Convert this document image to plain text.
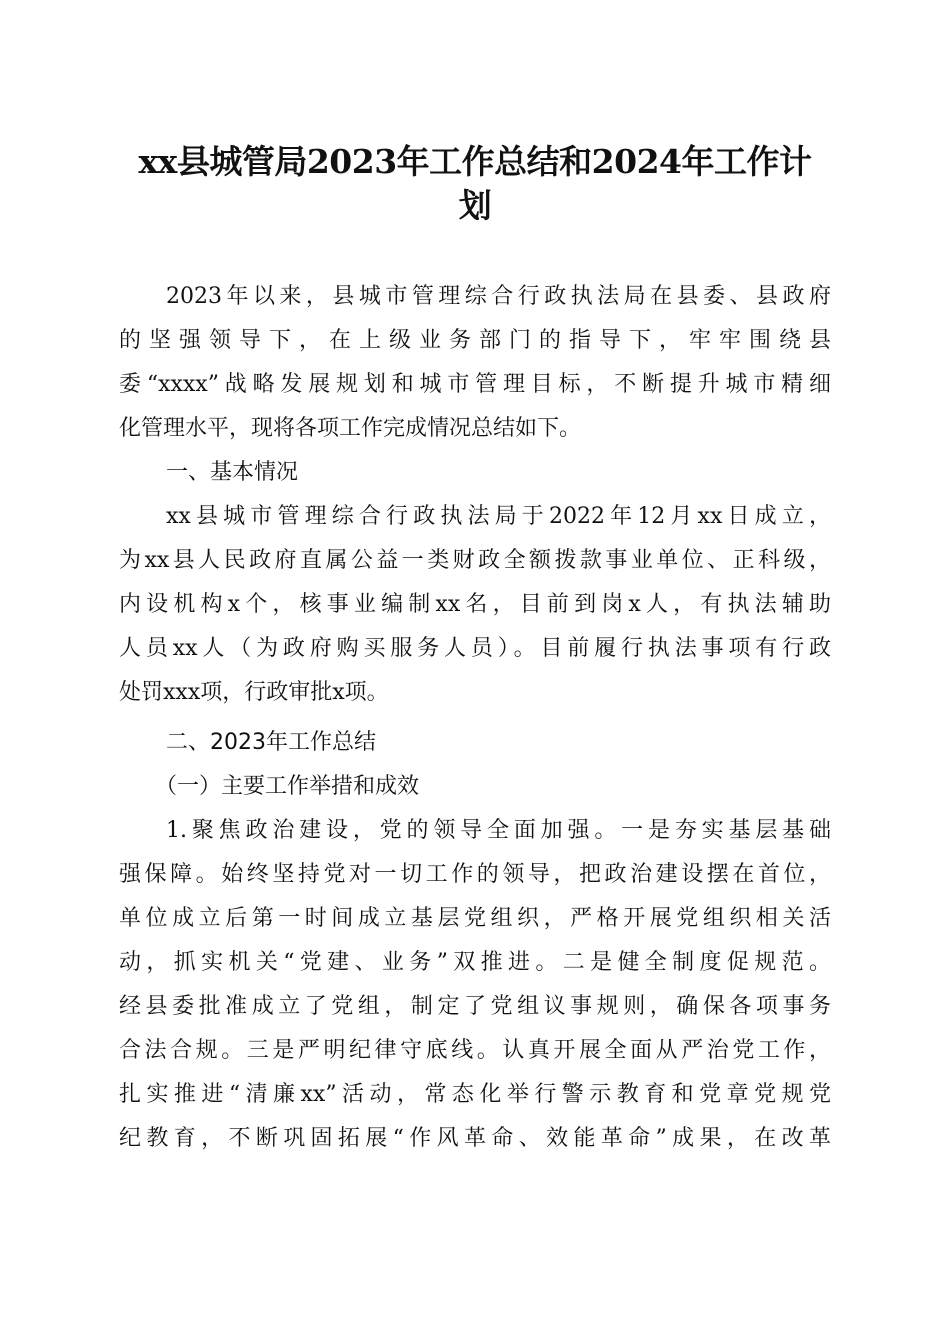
xx县城管局2023年工作总结和2024年工作计
划
2023年以来，县城市管理综合行政执法局在县委、县政府
的坚强领导下，在上级业务部门的指导下，牢牢围绕县
委“xxxx”战略发展规划和城市管理目标，不断提升城市精细
化管理水平，现将各项工作完成情况总结如下。
一、基本情况
xx县城市管理综合行政执法局于2022年12月xx日成立，
为xx县人民政府直属公益一类财政全额拨款事业单位、正科级，
内设机构x个，核事业编制xx名，目前到岗x人，有执法辅助
人员xx人（为政府购买服务人员）。目前履行执法事项有行政
处罚xxx项，行政审批x项。
二、2023年工作总结
（一）主要工作举措和成效
1.聚焦政治建设，党的领导全面加强。一是夯实基层基础
强保障。始终坚持党对一切工作的领导，把政治建设摆在首位，
单位成立后第一时间成立基层党组织，严格开展党组织相关活
动，抓实机关“党建、业务”双推进。二是健全制度促规范。
经县委批准成立了党组，制定了党组议事规则，确保各项事务
合法合规。三是严明纪律守底线。认真开展全面从严治党工作，
扎实推进“清廉xx”活动，常态化举行警示教育和党章党规党
纪教育，不断巩固拓展“作风革命、效能革命”成果，在改革
